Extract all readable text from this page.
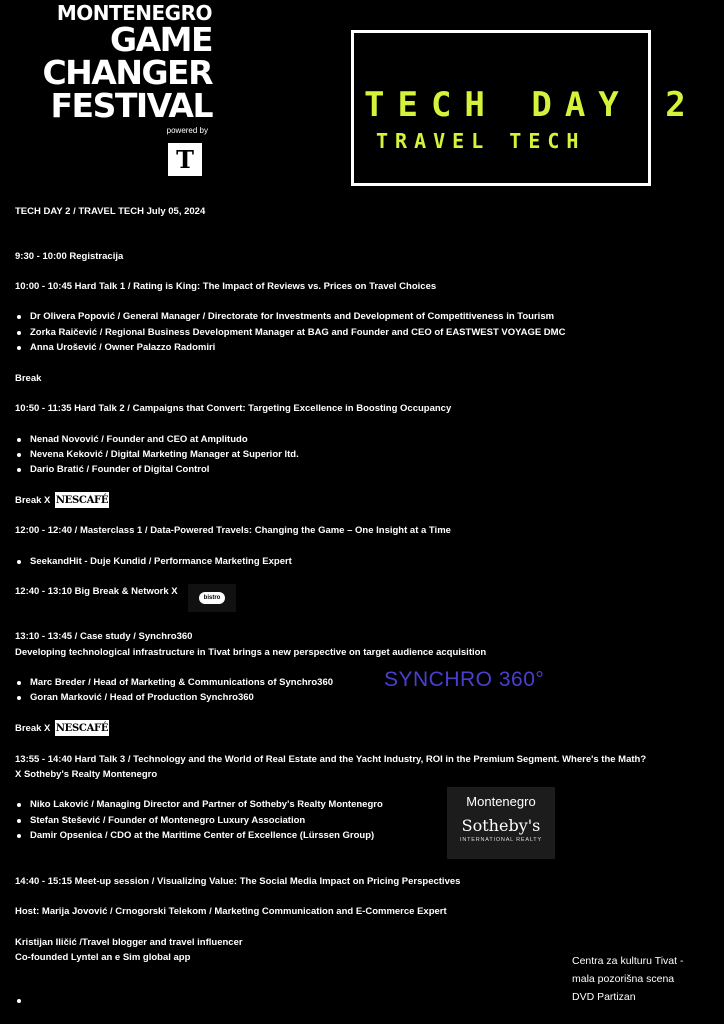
MONTENEGRO
GAME
CHANGER
FESTIVAL
powered by
T
TECH DAY 2
TRAVEL TECH
TECH DAY 2 / TRAVEL TECH July 05, 2024
9:30 - 10:00 Registracija
10:00 - 10:45 Hard Talk 1 / Rating is King: The Impact of Reviews vs. Prices on Travel Choices
Dr Olivera Popović / General Manager / Directorate for Investments and Development of Competitiveness in Tourism
Zorka Raičević / Regional Business Development Manager at BAG and Founder and CEO of EASTWEST VOYAGE DMC
Anna Urošević / Owner Palazzo Radomiri
Break
10:50 - 11:35 Hard Talk 2 / Campaigns that Convert: Targeting Excellence in Boosting Occupancy
Nenad Novović / Founder and CEO at Amplitudo
Nevena Keković / Digital Marketing Manager at Superior ltd.
Dario Bratić / Founder of Digital Control
Break X NESCAFÉ
12:00 - 12:40 / Masterclass 1 / Data-Powered Travels: Changing the Game – One Insight at a Time
SeekandHit - Duje Kundid / Performance Marketing Expert
12:40 - 13:10 Big Break & Network X
bistro
13:10 - 13:45 / Case study / Synchro360
Developing technological infrastructure in Tivat brings a new perspective on target audience acquisition
Marc Breder / Head of Marketing & Communications of Synchro360
Goran Marković / Head of Production Synchro360
SYNCHRO 360°
Break X NESCAFÉ
13:55 - 14:40 Hard Talk 3 / Technology and the World of Real Estate and the Yacht Industry, ROI in the Premium Segment. Where's the Math?
X Sotheby's Realty Montenegro
Niko Laković / Managing Director and Partner of Sotheby's Realty Montenegro
Stefan Stešević / Founder of Montenegro Luxury Association
Damir Opsenica / CDO at the Maritime Center of Excellence (Lürssen Group)
Montenegro
Sotheby's
INTERNATIONAL REALTY
14:40 - 15:15 Meet-up session / Visualizing Value: The Social Media Impact on Pricing Perspectives
Host: Marija Jovović / Crnogorski Telekom / Marketing Communication and E-Commerce Expert
Kristijan Iličić /Travel blogger and travel influencer
Co-founded Lyntel an e Sim global app	Centra za kulturu Tivat -
mala pozorišna scena
DVD Partizan
